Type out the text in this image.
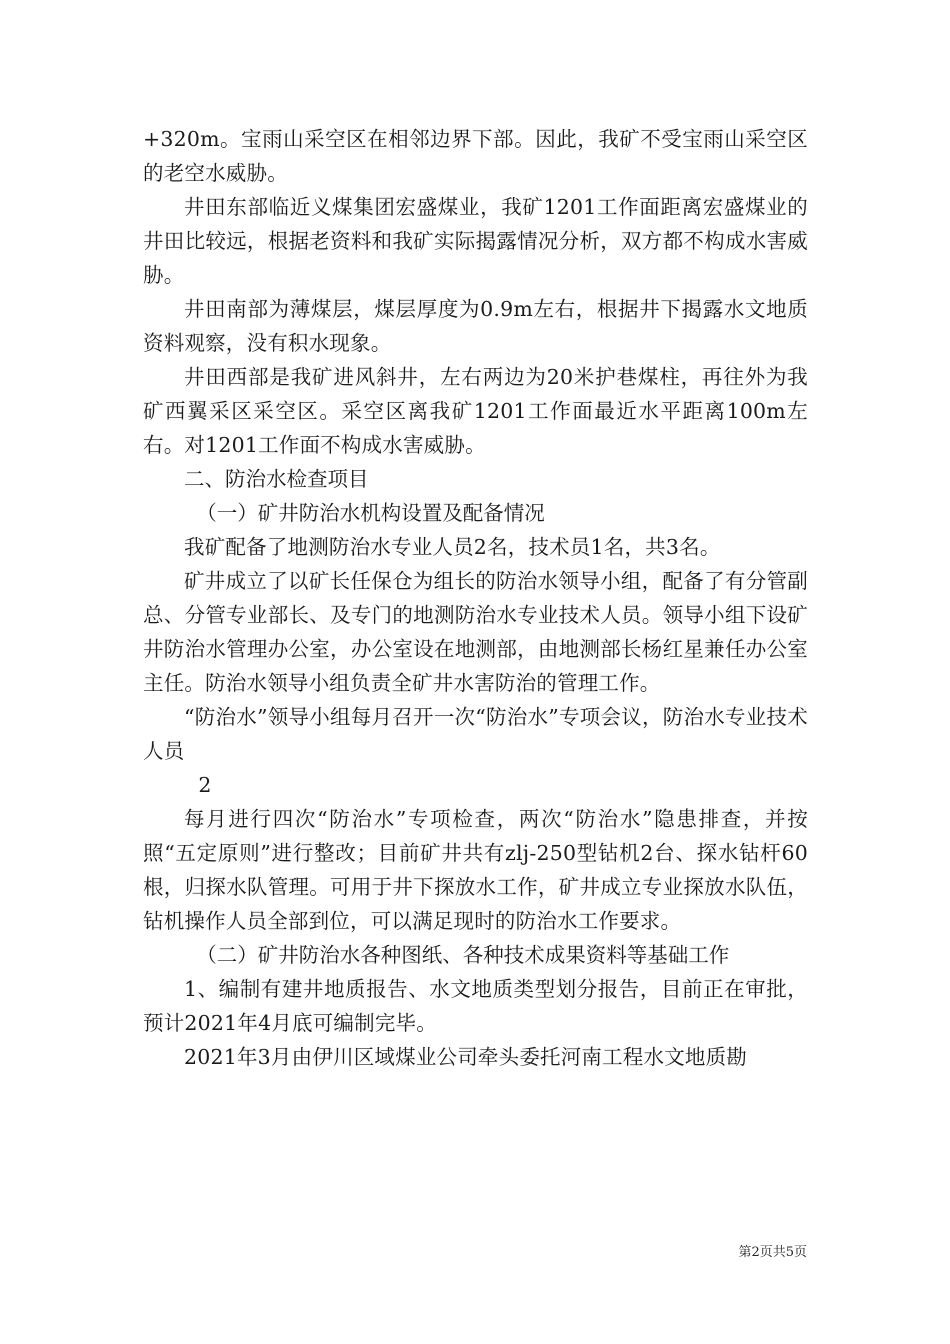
+320m。宝雨山采空区在相邻边界下部。因此，我矿不受宝雨山采空区的老空水威胁。

井田东部临近义煤集团宏盛煤业，我矿1201工作面距离宏盛煤业的井田比较远，根据老资料和我矿实际揭露情况分析，双方都不构成水害威胁。

井田南部为薄煤层，煤层厚度为0.9m左右，根据井下揭露水文地质资料观察，没有积水现象。

井田西部是我矿进风斜井，左右两边为20米护巷煤柱，再往外为我矿西翼采区采空区。采空区离我矿1201工作面最近水平距离100m左右。对1201工作面不构成水害威胁。

二、防治水检查项目

（一）矿井防治水机构设置及配备情况

我矿配备了地测防治水专业人员2名，技术员1名，共3名。

矿井成立了以矿长任保仓为组长的防治水领导小组，配备了有分管副总、分管专业部长、及专门的地测防治水专业技术人员。领导小组下设矿井防治水管理办公室，办公室设在地测部，由地测部长杨红星兼任办公室主任。防治水领导小组负责全矿井水害防治的管理工作。

“防治水”领导小组每月召开一次“防治水”专项会议，防治水专业技术人员

2

每月进行四次“防治水”专项检查，两次“防治水”隐患排查，并按照“五定原则”进行整改；目前矿井共有zlj-250型钻机2台、探水钻杆60根，归探水队管理。可用于井下探放水工作，矿井成立专业探放水队伍，钻机操作人员全部到位，可以满足现时的防治水工作要求。

（二）矿井防治水各种图纸、各种技术成果资料等基础工作

1、编制有建井地质报告、水文地质类型划分报告，目前正在审批，预计2021年4月底可编制完毕。

2021年3月由伊川区域煤业公司牵头委托河南工程水文地质勘

第2页共5页
